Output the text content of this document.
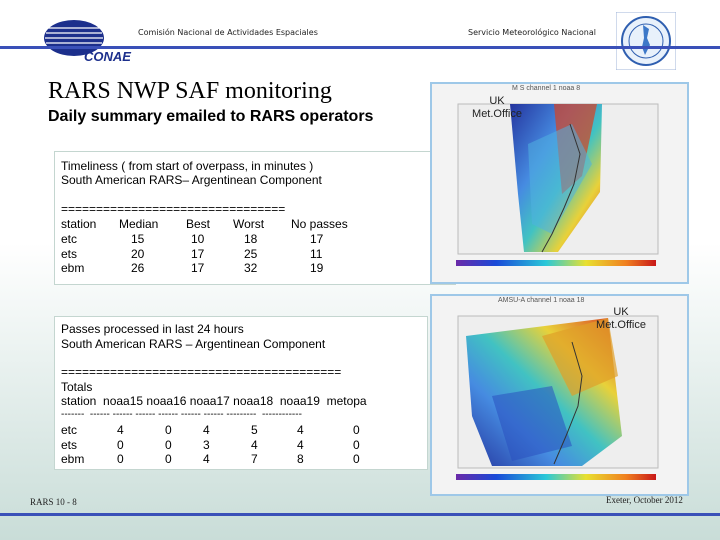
CONAE
Comisión Nacional de Actividades Espaciales	Servicio Meteorológico Nacional
RARS NWP SAF monitoring
Daily summary emailed to RARS operators
Timeliness ( from start of overpass, in minutes )
South American RARS– Argentinean Component
================================
station Median Best Worst No passes
etc	15	10	18	17
ets	20	17	25	11
ebm	26	17	32	19
Passes processed in last 24 hours
South American RARS – Argentinean Component
========================================
Totals
station  noaa15 noaa16 noaa17 noaa18  noaa19  metopa
-------  ------ ------ ------ ------ ------ ------ ---------  ------------
etc	4	0	4	5	4	0
ets	0	0	3	4	4	0
ebm	0	0	4	7	8	0
M S channel 1 noaa 8
UK
Met.Office
AMSU-A channel 1 noaa 18
UK
Met.Office
RARS 10 - 8	Exeter, October 2012
